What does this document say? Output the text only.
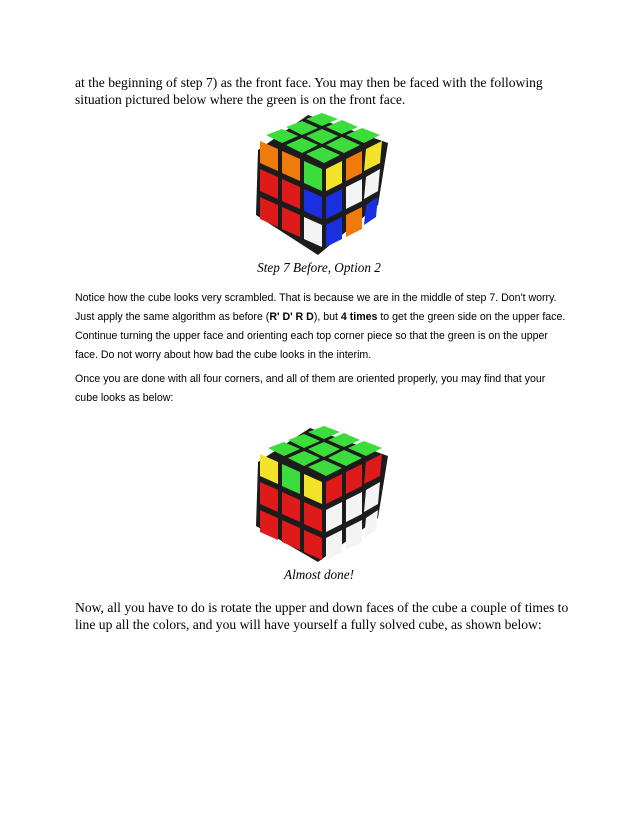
at the beginning of step 7) as the front face. You may then be faced with the following situation pictured below where the green is on the front face.
Step 7 Before, Option 2
Notice how the cube looks very scrambled. That is because we are in the middle of step 7. Don't worry. Just apply the same algorithm as before (R' D' R D), but 4 times to get the green side on the upper face. Continue turning the upper face and orienting each top corner piece so that the green is on the upper face. Do not worry about how bad the cube looks in the interim.
Once you are done with all four corners, and all of them are oriented properly, you may find that your cube looks as below:
Almost done!
Now, all you have to do is rotate the upper and down faces of the cube a couple of times to line up all the colors, and you will have yourself a fully solved cube, as shown below:
